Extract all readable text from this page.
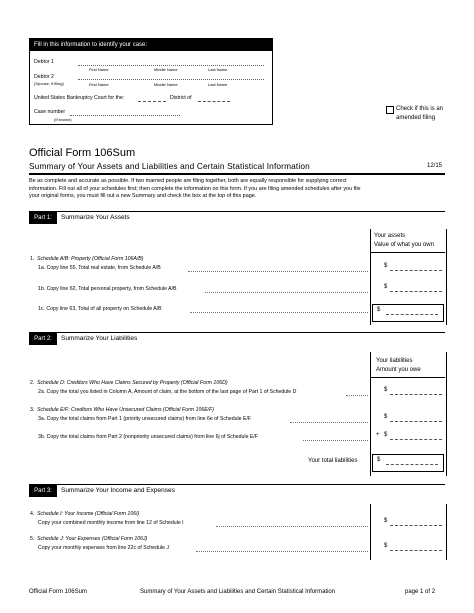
Fill in this information to identify your case:
Debtor 1
First Name	Middle Name	Last Name
Debtor 2
(Spouse, if filing)	First Name	Middle Name	Last Name
United States Bankruptcy Court for the:	District of
Case number
(If known)
Check if this is an
amended filing
Official Form 106Sum
Summary of Your Assets and Liabilities and Certain Statistical Information	12/15
Be as complete and accurate as possible. If two married people are filing together, both are equally responsible for supplying correct
information. Fill out all of your schedules first; then complete the information on this form. If you are filing amended schedules after you file
your original forms, you must fill out a new Summary and check the box at the top of this page.
Part 1:	Summarize Your Assets
Your assets
Value of what you own
1. Schedule A/B: Property (Official Form 106A/B)
1a. Copy line 55, Total real estate, from Schedule A/B	$
1b. Copy line 62, Total personal property, from Schedule A/B	$
1c. Copy line 63, Total of all property on Schedule A/B	$
Part 2:	Summarize Your Liabilities
Your liabilities
Amount you owe
2. Schedule D: Creditors Who Have Claims Secured by Property (Official Form 106D)
2a. Copy the total you listed in Column A, Amount of claim, at the bottom of the last page of Part 1 of Schedule D	$
3. Schedule E/F: Creditors Who Have Unsecured Claims (Official Form 106E/F)
3a. Copy the total claims from Part 1 (priority unsecured claims) from line 6e of Schedule E/F	$
3b. Copy the total claims from Part 2 (nonpriority unsecured claims) from line 6j of Schedule E/F	+ $
Your total liabilities	$
Part 3:	Summarize Your Income and Expenses
4. Schedule I: Your Income (Official Form 106I)
Copy your combined monthly income from line 12 of Schedule I	$
5. Schedule J: Your Expenses (Official Form 106J)
Copy your monthly expenses from line 22c of Schedule J	$
Official Form 106Sum	Summary of Your Assets and Liabilities and Certain Statistical Information	page 1 of 2
